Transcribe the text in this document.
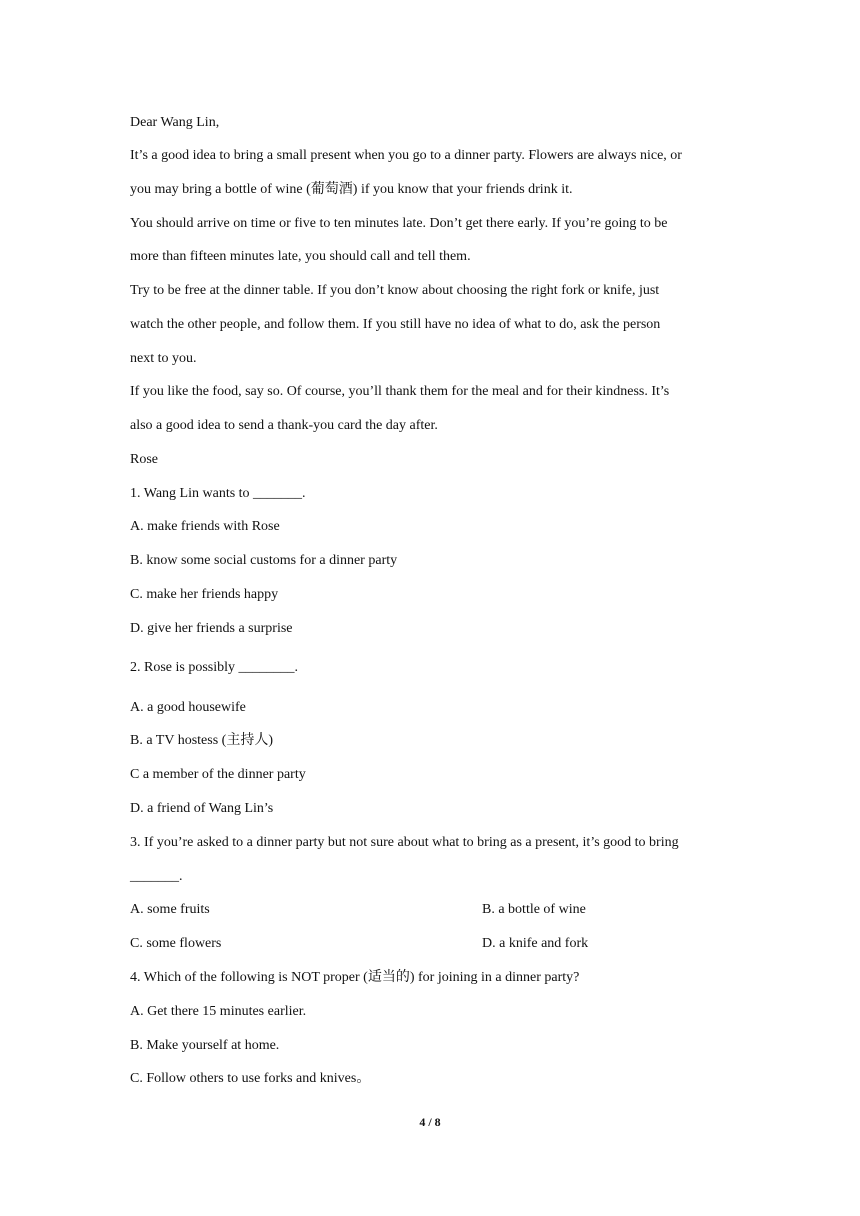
Dear Wang Lin,
It’s a good idea to bring a small present when you go to a dinner party. Flowers are always nice, or
you may bring a bottle of wine (葡萄酒) if you know that your friends drink it.
You should arrive on time or five to ten minutes late. Don’t get there early. If you’re going to be
more than fifteen minutes late, you should call and tell them.
Try to be free at the dinner table. If you don’t know about choosing the right fork or knife, just
watch the other people, and follow them. If you still have no idea of what to do, ask the person
next to you.
If you like the food, say so. Of course, you’ll thank them for the meal and for their kindness. It’s
also a good idea to send a thank-you card the day after.
Rose
1. Wang Lin wants to _______.
A. make friends with Rose
B. know some social customs for a dinner party
C. make her friends happy
D. give her friends a surprise
2. Rose is possibly ________.
A. a good housewife
B. a TV hostess (主持人)
C a member of the dinner party
D. a friend of Wang Lin’s
3. If you’re asked to a dinner party but not sure about what to bring as a present, it’s good to bring
_______.
A. some fruits	B. a bottle of wine
C. some flowers	D. a knife and fork
4. Which of the following is NOT proper (适当的) for joining in a dinner party?
A. Get there 15 minutes earlier.
B. Make yourself at home.
C. Follow others to use forks and knives。
4 / 8
